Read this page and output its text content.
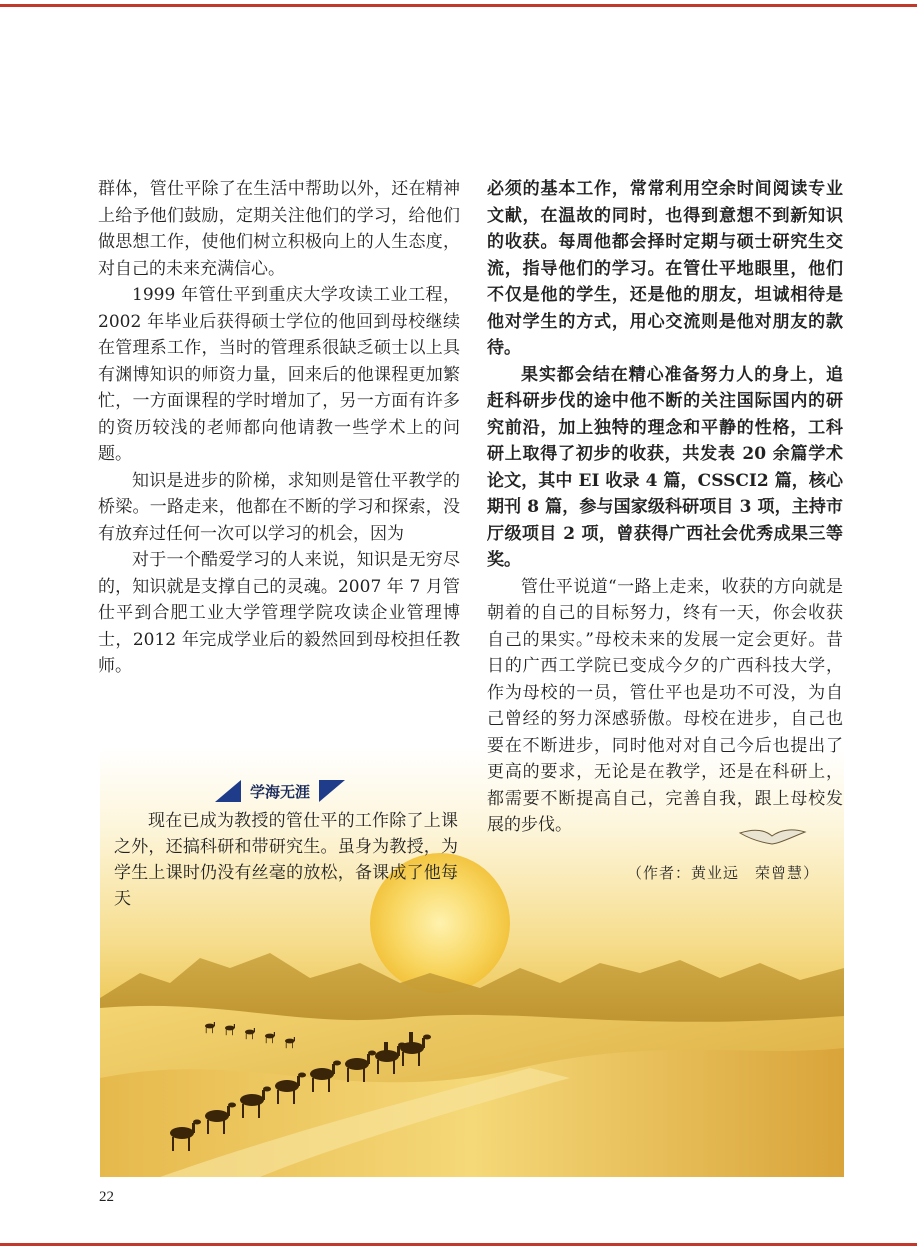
群体，管仕平除了在生活中帮助以外，还在精神上给予他们鼓励，定期关注他们的学习，给他们做思想工作，使他们树立积极向上的人生态度，对自己的未来充满信心。

1999 年管仕平到重庆大学攻读工业工程，2002 年毕业后获得硕士学位的他回到母校继续在管理系工作，当时的管理系很缺乏硕士以上具有渊博知识的师资力量，回来后的他课程更加繁忙，一方面课程的学时增加了，另一方面有许多的资历较浅的老师都向他请教一些学术上的问题。

知识是进步的阶梯，求知则是管仕平教学的桥梁。一路走来，他都在不断的学习和探索，没有放弃过任何一次可以学习的机会，因为

对于一个酷爱学习的人来说，知识是无穷尽的，知识就是支撑自己的灵魂。2007 年 7 月管仕平到合肥工业大学管理学院攻读企业管理博士，2012 年完成学业后的毅然回到母校担任教师。

学海无涯

现在已成为教授的管仕平的工作除了上课之外，还搞科研和带研究生。虽身为教授，为学生上课时仍没有丝毫的放松，备课成了他每天

必须的基本工作，常常利用空余时间阅读专业文献，在温故的同时，也得到意想不到新知识的收获。每周他都会择时定期与硕士研究生交流，指导他们的学习。在管仕平地眼里，他们不仅是他的学生，还是他的朋友，坦诚相待是他对学生的方式，用心交流则是他对朋友的款待。

果实都会结在精心准备努力人的身上，追赶科研步伐的途中他不断的关注国际国内的研究前沿，加上独特的理念和平静的性格，工科研上取得了初步的收获，共发表 20 余篇学术论文，其中 EI 收录 4 篇，CSSCI2 篇，核心期刊 8 篇，参与国家级科研项目 3 项，主持市厅级项目 2 项，曾获得广西社会优秀成果三等奖。

管仕平说道“一路上走来，收获的方向就是朝着的自己的目标努力，终有一天，你会收获自己的果实。”母校未来的发展一定会更好。昔日的广西工学院已变成今夕的广西科技大学，作为母校的一员，管仕平也是功不可没，为自己曾经的努力深感骄傲。母校在进步，自己也要在不断进步，同时他对对自己今后也提出了更高的要求，无论是在教学，还是在科研上，都需要不断提高自己，完善自我，跟上母校发展的步伐。

（作者：黄业远　荣曾慧）
22
